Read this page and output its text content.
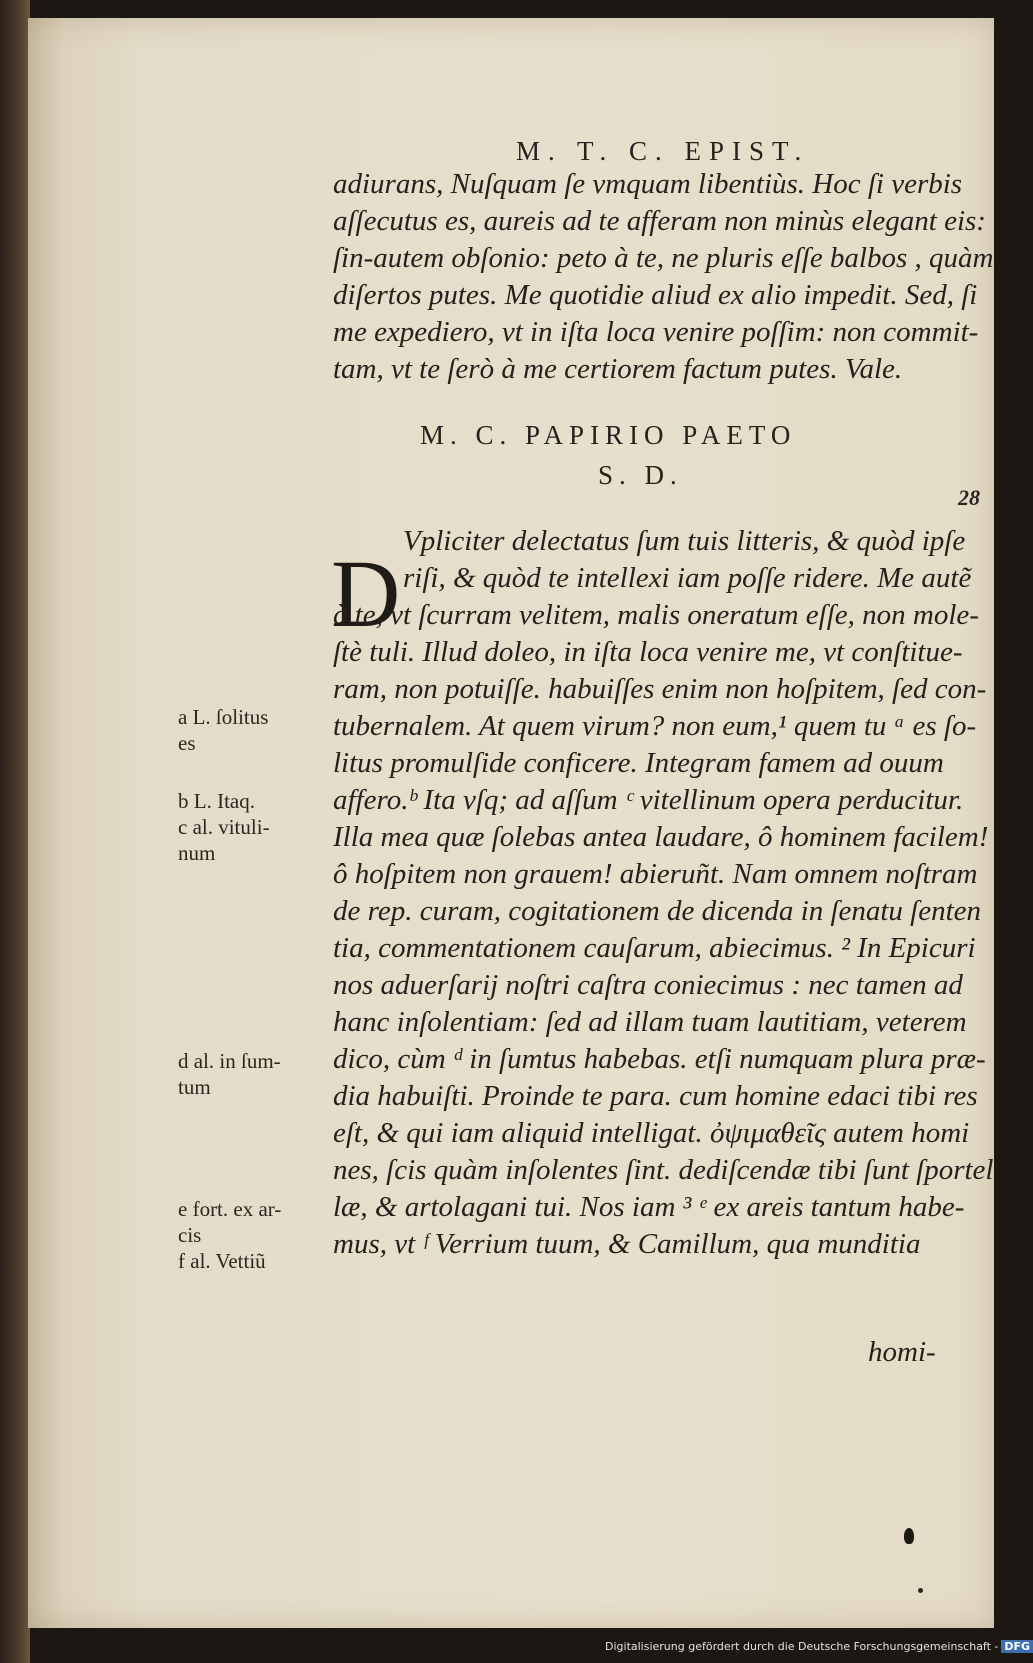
M. T. C. EPIST.
adiurans, Nuſquam ſe vmquam libentiùs. Hoc ſi verbis
aſſecutus es, aureis ad te afferam non minùs elegant eis:
ſin-autem obſonio: peto à te, ne pluris eſſe balbos , quàm
diſertos putes. Me quotidie aliud ex alio impedit. Sed, ſi
me expediero, vt in iſta loca venire poſſim: non commit-
tam, vt te ſerò à me certiorem factum putes. Vale.
M. C. PAPIRIO PAETO
S. D.
28
D Vpliciter delectatus ſum tuis litteris, & quòd ipſe
riſi, & quòd te intellexi iam poſſe ridere. Me autẽ
à te, vt ſcurram velitem, malis oneratum eſſe, non mole-
ſtè tuli. Illud doleo, in iſta loca venire me, vt conſtitue-
ram, non potuiſſe. habuiſſes enim non hoſpitem, ſed con-
tubernalem. At quem virum? non eum,¹ quem tu ᵃ es ſo-
litus promulſide conficere. Integram famem ad ouum
affero.ᵇ Ita vſq; ad aſſum ᶜ vitellinum opera perducitur.
Illa mea quæ ſolebas antea laudare, ô hominem facilem!
ô hoſpitem non grauem! abieruñt. Nam omnem noſtram
de rep. curam, cogitationem de dicenda in ſenatu ſenten
tia, commentationem cauſarum, abiecimus. ² In Epicuri
nos aduerſarij noſtri caſtra coniecimus : nec tamen ad
hanc inſolentiam: ſed ad illam tuam lautitiam, veterem
dico, cùm ᵈ in ſumtus habebas. etſi numquam plura præ-
dia habuiſti. Proinde te para. cum homine edaci tibi res
eſt, & qui iam aliquid intelligat. ὀψιμαθεῖς autem homi
nes, ſcis quàm inſolentes ſint. dediſcendæ tibi ſunt ſportel
læ, & artolagani tui. Nos iam ³ ᵉ ex areis tantum habe-
mus, vt ᶠ Verrium tuum, & Camillum, qua munditia
homi-
a L. ſolitus
es
b L. Itaq.
c al. vituli-
num
d al. in ſum-
tum
e fort. ex ar-
cis
f al. Vettiũ
Digitalisierung gefördert durch die Deutsche Forschungsgemeinschaft - DFG
